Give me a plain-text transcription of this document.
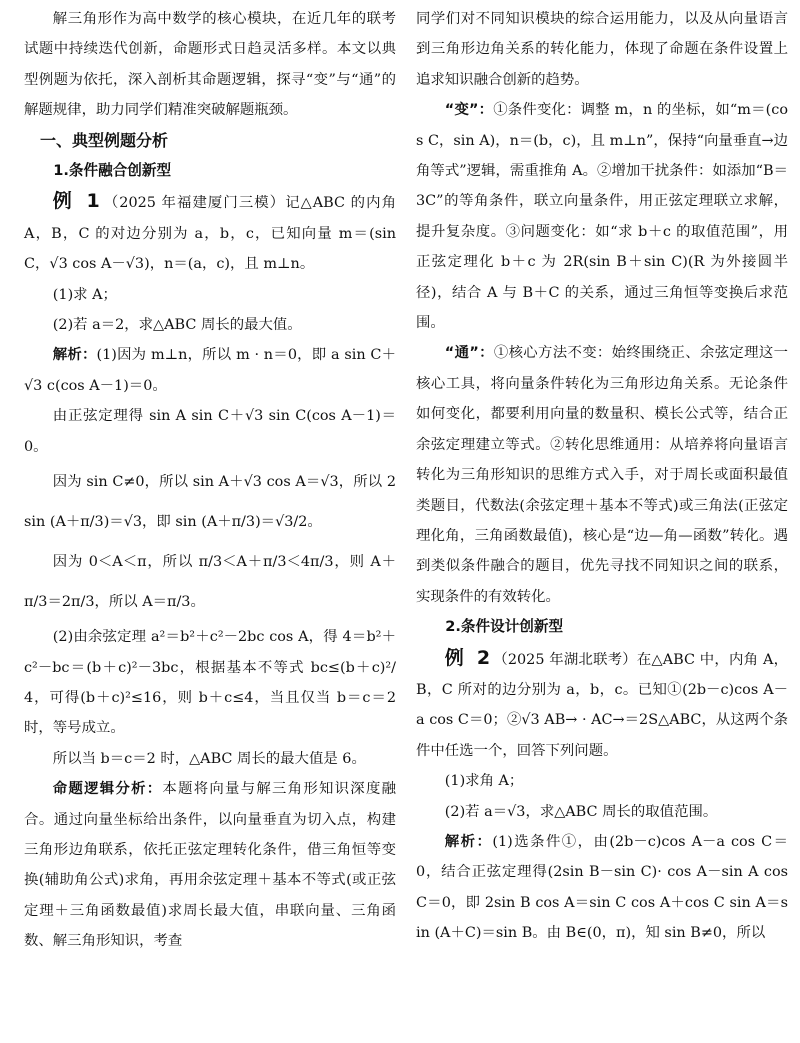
解三角形作为高中数学的核心模块，在近几年的联考试题中持续迭代创新，命题形式日趋灵活多样。本文以典型例题为依托，深入剖析其命题逻辑，探寻“变”与“通”的解题规律，助力同学们精准突破解题瓶颈。

一、典型例题分析

1.条件融合创新型

例 1（2025 年福建厦门三模）记△ABC 的内角 A，B，C 的对边分别为 a，b，c，已知向量 m＝(sin C，√3 cos A－√3)，n＝(a，c)，且 m⊥n。

(1)求 A；

(2)若 a＝2，求△ABC 周长的最大值。

解析：(1)因为 m⊥n，所以 m · n＝0，即 a sin C＋√3 c(cos A－1)＝0。

由正弦定理得 sin A sin C＋√3 sin C(cos A－1)＝0。

因为 sin C≠0，所以 sin A＋√3 cos A＝√3，所以 2sin (A＋π/3)＝√3，即 sin (A＋π/3)＝√3/2。

因为 0＜A＜π，所以 π/3＜A＋π/3＜4π/3，则 A＋π/3＝2π/3，所以 A＝π/3。

(2)由余弦定理 a²＝b²＋c²－2bc cos A，得 4＝b²＋c²－bc＝(b＋c)²－3bc，根据基本不等式 bc≤(b＋c)²/4，可得(b＋c)²≤16，则 b＋c≤4，当且仅当 b＝c＝2 时，等号成立。

所以当 b＝c＝2 时，△ABC 周长的最大值是 6。

命题逻辑分析：本题将向量与解三角形知识深度融合。通过向量坐标给出条件，以向量垂直为切入点，构建三角形边角联系，依托正弦定理转化条件，借三角恒等变换(辅助角公式)求角，再用余弦定理＋基本不等式(或正弦定理＋三角函数最值)求周长最大值，串联向量、三角函数、解三角形知识，考查

同学们对不同知识模块的综合运用能力，以及从向量语言到三角形边角关系的转化能力，体现了命题在条件设置上追求知识融合创新的趋势。

“变”：①条件变化：调整 m，n 的坐标，如“m＝(cos C，sin A)，n＝(b，c)，且 m⊥n”，保持“向量垂直→边角等式”逻辑，需重推角 A。②增加干扰条件：如添加“B＝3C”的等角条件，联立向量条件，用正弦定理联立求解，提升复杂度。③问题变化：如“求 b＋c 的取值范围”，用正弦定理化 b＋c 为 2R(sin B＋sin C)(R 为外接圆半径)，结合 A 与 B＋C 的关系，通过三角恒等变换后求范围。

“通”：①核心方法不变：始终围绕正、余弦定理这一核心工具，将向量条件转化为三角形边角关系。无论条件如何变化，都要利用向量的数量积、模长公式等，结合正余弦定理建立等式。②转化思维通用：从培养将向量语言转化为三角形知识的思维方式入手，对于周长或面积最值类题目，代数法(余弦定理＋基本不等式)或三角法(正弦定理化角，三角函数最值)，核心是“边—角—函数”转化。遇到类似条件融合的题目，优先寻找不同知识之间的联系，实现条件的有效转化。

2.条件设计创新型

例 2（2025 年湖北联考）在△ABC 中，内角 A，B，C 所对的边分别为 a，b，c。已知①(2b－c)cos A－a cos C＝0；②√3 AB→ · AC→＝2S△ABC，从这两个条件中任选一个，回答下列问题。

(1)求角 A；

(2)若 a＝√3，求△ABC 周长的取值范围。

解析：(1)选条件①，由(2b－c)cos A－a cos C＝0，结合正弦定理得(2sin B－sin C)· cos A－sin A cos C＝0，即 2sin B cos A＝sin C cos A＋cos C sin A＝sin (A＋C)＝sin B。由 B∈(0，π)，知 sin B≠0，所以
